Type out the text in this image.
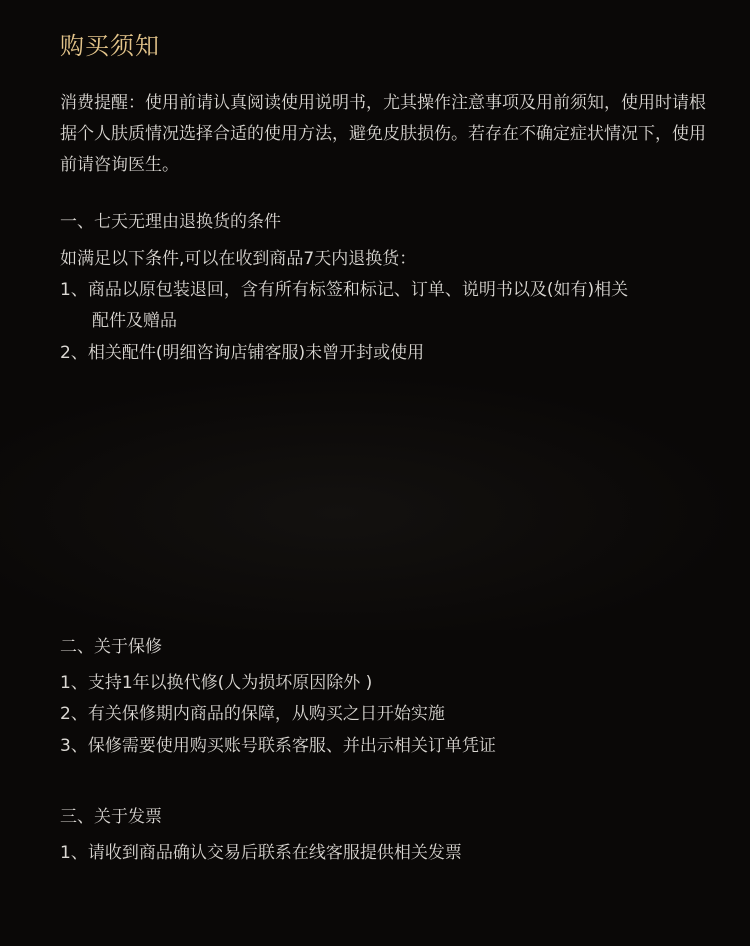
购买须知
消费提醒：使用前请认真阅读使用说明书，尤其操作注意事项及用前须知，使用时请根据个人肤质情况选择合适的使用方法，避免皮肤损伤。若存在不确定症状情况下，使用前请咨询医生。
一、七天无理由退换货的条件
如满足以下条件,可以在收到商品7天内退换货：
1、商品以原包装退回，含有所有标签和标记、订单、说明书以及(如有)相关
配件及赠品
2、相关配件(明细咨询店铺客服)未曾开封或使用
二、关于保修
1、支持1年以换代修(人为损坏原因除外 )
2、有关保修期内商品的保障，从购买之日开始实施
3、保修需要使用购买账号联系客服、并出示相关订单凭证
三、关于发票
1、请收到商品确认交易后联系在线客服提供相关发票
